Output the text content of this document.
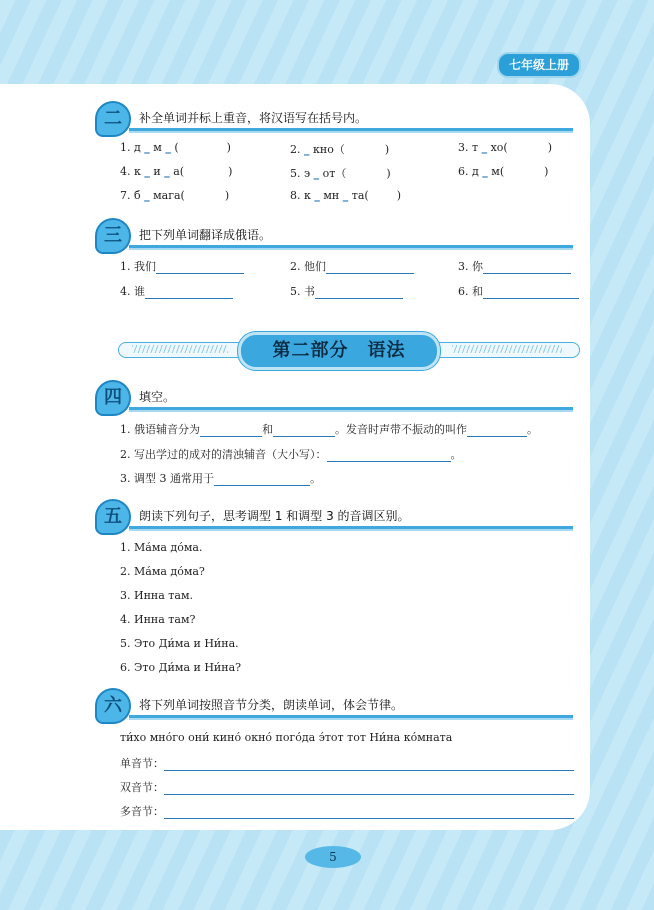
七年级上册
二	补全单词并标上重音，将汉语写在括号内。
1. д _ м _ (	)	2. _ кно（	)	3. т _ хо(	)
4. к _ и _ а(	)	5. э _ от（	)	6. д _ м(	)
7. б _ мага(	)	8. к _ мн _ та(	)
三	把下列单词翻译成俄语。
1. 我们	2. 他们	3. 你
4. 谁	5. 书	6. 和
第二部分　语法
四	填空。
1. 俄语辅音分为	和	。发音时声带不振动的叫作	。
2. 写出学过的成对的清浊辅音（大小写）：	。
3. 调型 3 通常用于	。
五	朗读下列句子，思考调型 1 和调型 3 的音调区别。
1. Ма́ма до́ма.
2. Ма́ма до́ма?
3. Инна там.
4. Инна там?
5. Это Ди́ма и Ни́на.
6. Это Ди́ма и Ни́на?
六	将下列单词按照音节分类，朗读单词，体会节律。
ти́хо мно́го они́ кино́ окно́ пого́да э́тот тот Ни́на ко́мната
单音节：
双音节：
多音节：
5
